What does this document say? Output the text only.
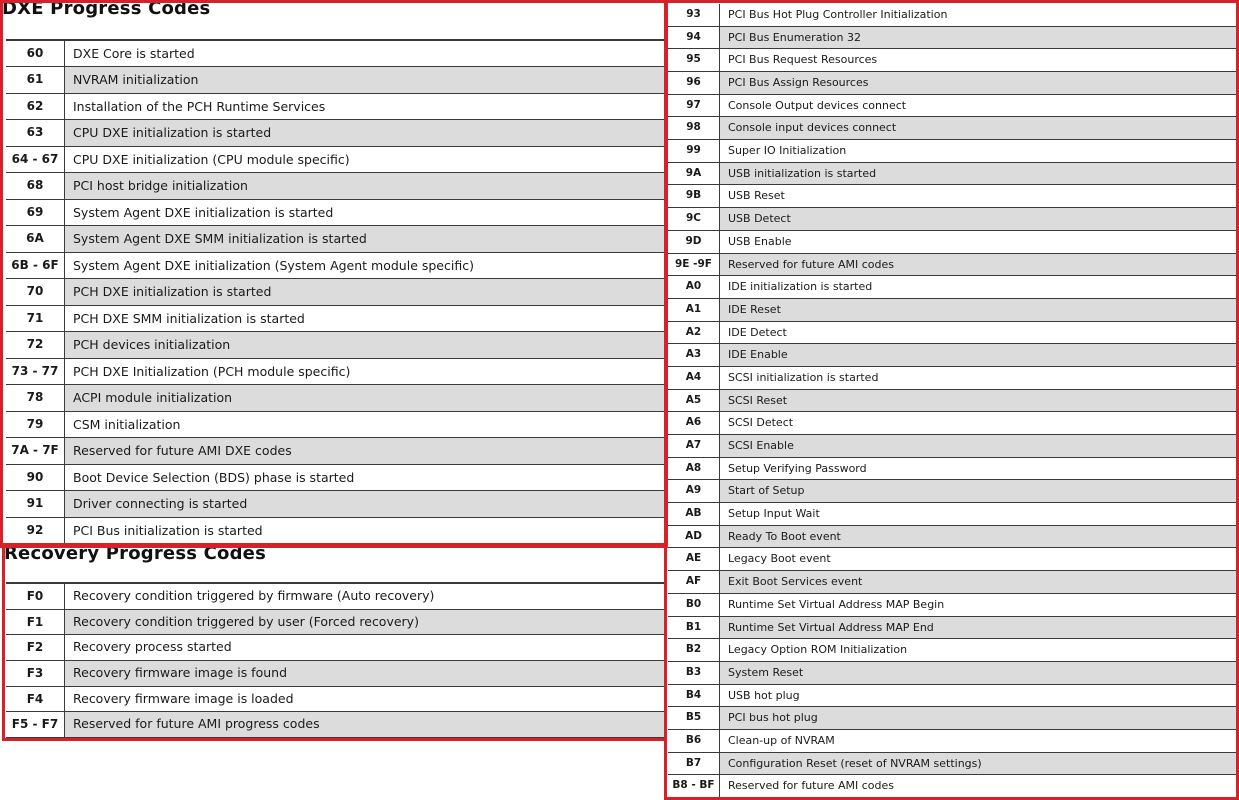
DXE Progress Codes
60	DXE Core is started
61	NVRAM initialization
62	Installation of the PCH Runtime Services
63	CPU DXE initialization is started
64 - 67	CPU DXE initialization (CPU module specific)
68	PCI host bridge initialization
69	System Agent DXE initialization is started
6A	System Agent DXE SMM initialization is started
6B - 6F	System Agent DXE initialization (System Agent module specific)
70	PCH DXE initialization is started
71	PCH DXE SMM initialization is started
72	PCH devices initialization
73 - 77	PCH DXE Initialization (PCH module specific)
78	ACPI module initialization
79	CSM initialization
7A - 7F	Reserved for future AMI DXE codes
90	Boot Device Selection (BDS) phase is started
91	Driver connecting is started
92	PCI Bus initialization is started
Recovery Progress Codes
F0	Recovery condition triggered by firmware (Auto recovery)
F1	Recovery condition triggered by user (Forced recovery)
F2	Recovery process started
F3	Recovery firmware image is found
F4	Recovery firmware image is loaded
F5 - F7	Reserved for future AMI progress codes
93	PCI Bus Hot Plug Controller Initialization
94	PCI Bus Enumeration 32
95	PCI Bus Request Resources
96	PCI Bus Assign Resources
97	Console Output devices connect
98	Console input devices connect
99	Super IO Initialization
9A	USB initialization is started
9B	USB Reset
9C	USB Detect
9D	USB Enable
9E -9F	Reserved for future AMI codes
A0	IDE initialization is started
A1	IDE Reset
A2	IDE Detect
A3	IDE Enable
A4	SCSI initialization is started
A5	SCSI Reset
A6	SCSI Detect
A7	SCSI Enable
A8	Setup Verifying Password
A9	Start of Setup
AB	Setup Input Wait
AD	Ready To Boot event
AE	Legacy Boot event
AF	Exit Boot Services event
B0	Runtime Set Virtual Address MAP Begin
B1	Runtime Set Virtual Address MAP End
B2	Legacy Option ROM Initialization
B3	System Reset
B4	USB hot plug
B5	PCI bus hot plug
B6	Clean-up of NVRAM
B7	Configuration Reset (reset of NVRAM settings)
B8 - BF	Reserved for future AMI codes
